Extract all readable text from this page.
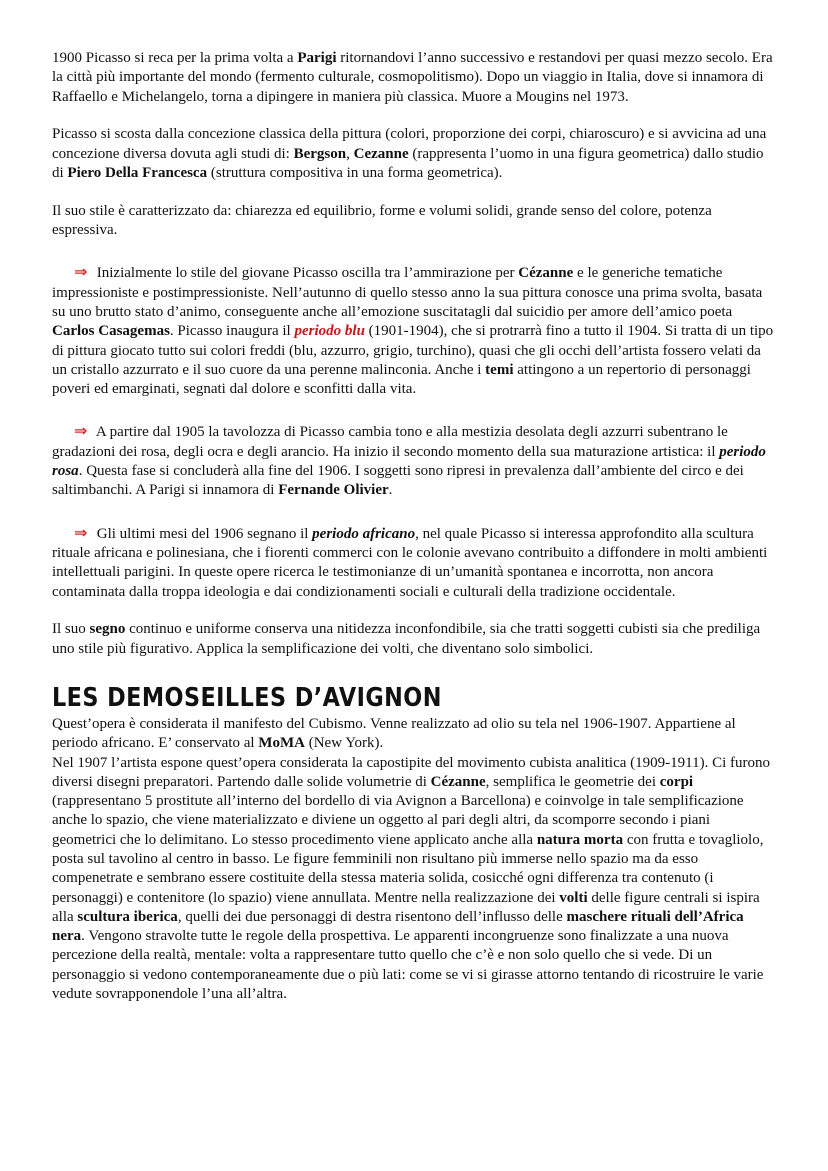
1900 Picasso si reca per la prima volta a Parigi ritornandovi l’anno successivo e restandovi per quasi mezzo secolo. Era la città più importante del mondo (fermento culturale, cosmopolitismo). Dopo un viaggio in Italia, dove si innamora di Raffaello e Michelangelo, torna a dipingere in maniera più classica. Muore a Mougins nel 1973.

Picasso si scosta dalla concezione classica della pittura (colori, proporzione dei corpi, chiaroscuro) e si avvicina ad una concezione diversa dovuta agli studi di: Bergson, Cezanne (rappresenta l’uomo in una figura geometrica) dallo studio di Piero Della Francesca (struttura compositiva in una forma geometrica).

Il suo stile è caratterizzato da: chiarezza ed equilibrio, forme e volumi solidi, grande senso del colore, potenza espressiva.

⇒ Inizialmente lo stile del giovane Picasso oscilla tra l’ammirazione per Cézanne e le generiche tematiche impressioniste e postimpressioniste. Nell’autunno di quello stesso anno la sua pittura conosce una prima svolta, basata su uno brutto stato d’animo, conseguente anche all’emozione suscitatagli dal suicidio per amore dell’amico poeta Carlos Casagemas. Picasso inaugura il periodo blu (1901-1904), che si protrarrà fino a tutto il 1904. Si tratta di un tipo di pittura giocato tutto sui colori freddi (blu, azzurro, grigio, turchino), quasi che gli occhi dell’artista fossero velati da un cristallo azzurrato e il suo cuore da una perenne malinconia. Anche i temi attingono a un repertorio di personaggi poveri ed emarginati, segnati dal dolore e sconfitti dalla vita.

⇒ A partire dal 1905 la tavolozza di Picasso cambia tono e alla mestizia desolata degli azzurri subentrano le gradazioni dei rosa, degli ocra e degli arancio. Ha inizio il secondo momento della sua maturazione artistica: il periodo rosa. Questa fase si concluderà alla fine del 1906. I soggetti sono ripresi in prevalenza dall’ambiente del circo e dei saltimbanchi. A Parigi si innamora di Fernande Olivier.

⇒ Gli ultimi mesi del 1906 segnano il periodo africano, nel quale Picasso si interessa approfondito alla scultura rituale africana e polinesiana, che i fiorenti commerci con le colonie avevano contribuito a diffondere in molti ambienti intellettuali parigini. In queste opere ricerca le testimonianze di un’umanità spontanea e incorrotta, non ancora contaminata dalla troppa ideologia e dai condizionamenti sociali e culturali della tradizione occidentale.

Il suo segno continuo e uniforme conserva una nitidezza inconfondibile, sia che tratti soggetti cubisti sia che prediliga uno stile più figurativo. Applica la semplificazione dei volti, che diventano solo simbolici.

LES DEMOSEILLES D’AVIGNON

Quest’opera è considerata il manifesto del Cubismo. Venne realizzato ad olio su tela nel 1906-1907. Appartiene al periodo africano. E’ conservato al MoMA (New York).

Nel 1907 l’artista espone quest’opera considerata la capostipite del movimento cubista analitica (1909-1911). Ci furono diversi disegni preparatori. Partendo dalle solide volumetrie di Cézanne, semplifica le geometrie dei corpi (rappresentano 5 prostitute all’interno del bordello di via Avignon a Barcellona) e coinvolge in tale semplificazione anche lo spazio, che viene materializzato e diviene un oggetto al pari degli altri, da scomporre secondo i piani geometrici che lo delimitano. Lo stesso procedimento viene applicato anche alla natura morta con frutta e tovagliolo, posta sul tavolino al centro in basso. Le figure femminili non risultano più immerse nello spazio ma da esso compenetrate e sembrano essere costituite della stessa materia solida, cosicché ogni differenza tra contenuto (i personaggi) e contenitore (lo spazio) viene annullata. Mentre nella realizzazione dei volti delle figure centrali si ispira alla scultura iberica, quelli dei due personaggi di destra risentono dell’influsso delle maschere rituali dell’Africa nera. Vengono stravolte tutte le regole della prospettiva. Le apparenti incongruenze sono finalizzate a una nuova percezione della realtà, mentale: volta a rappresentare tutto quello che c’è e non solo quello che si vede. Di un personaggio si vedono contemporaneamente due o più lati: come se vi si girasse attorno tentando di ricostruire le varie vedute sovrapponendole l’una all’altra.
